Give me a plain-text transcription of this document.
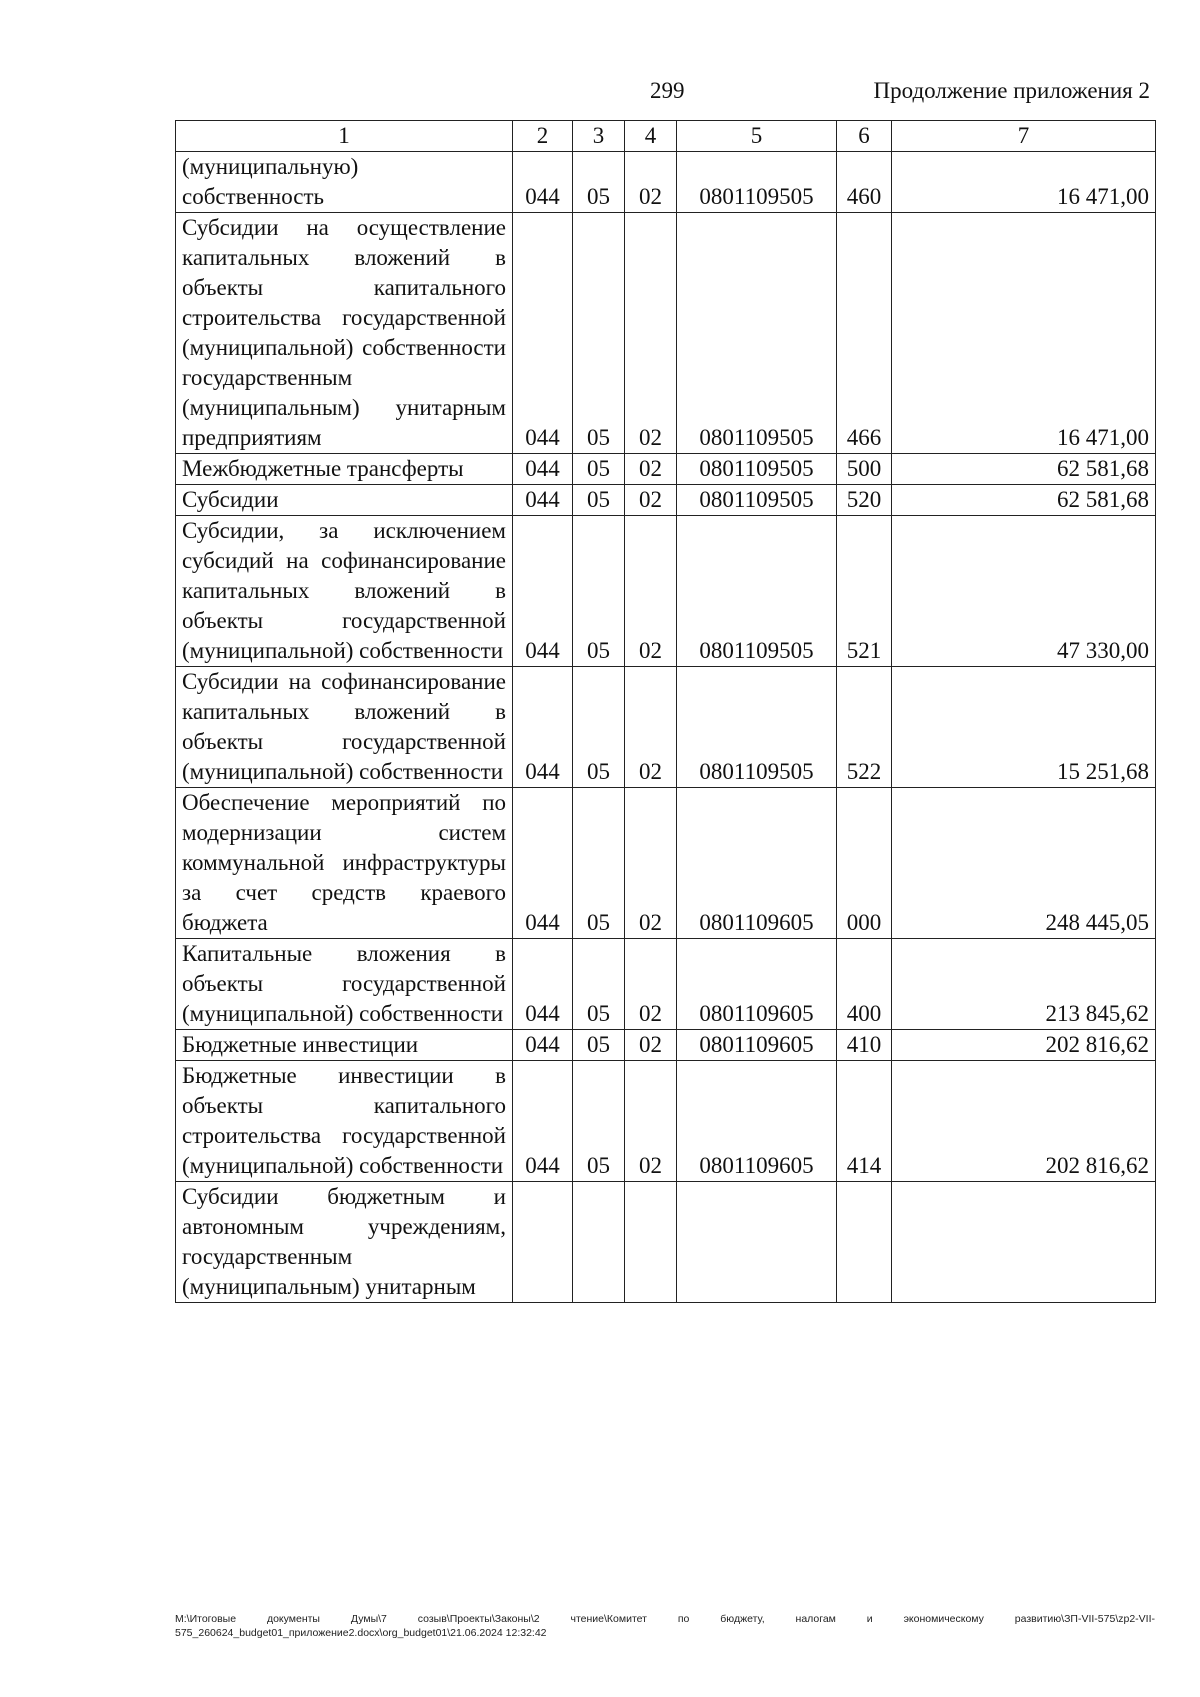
299	Продолжение приложения 2
1	2	3	4	5	6	7
(муниципальную) собственность	044	05	02	0801109505	460	16 471,00
Субсидии на осуществление капитальных вложений в объекты капитального строительства государственной (муниципальной) собственности государственным (муниципальным) унитарным предприятиям	044	05	02	0801109505	466	16 471,00
Межбюджетные трансферты	044	05	02	0801109505	500	62 581,68
Субсидии	044	05	02	0801109505	520	62 581,68
Субсидии, за исключением субсидий на софинансирование капитальных вложений в объекты государственной (муниципальной) собственности	044	05	02	0801109505	521	47 330,00
Субсидии на софинансирование капитальных вложений в объекты государственной (муниципальной) собственности	044	05	02	0801109505	522	15 251,68
Обеспечение мероприятий по модернизации систем коммунальной инфраструктуры за счет средств краевого бюджета	044	05	02	0801109605	000	248 445,05
Капитальные вложения в объекты государственной (муниципальной) собственности	044	05	02	0801109605	400	213 845,62
Бюджетные инвестиции	044	05	02	0801109605	410	202 816,62
Бюджетные инвестиции в объекты капитального строительства государственной (муниципальной) собственности	044	05	02	0801109605	414	202 816,62
Субсидии бюджетным и автономным учреждениям, государственным (муниципальным) унитарным						
M:\Итоговые документы Думы\7 созыв\Проекты\Законы\2 чтение\Комитет по бюджету, налогам и экономическому развитию\ЗП-VII-575\zp2-VII-575_260624_budget01_приложение2.docx\org_budget01\21.06.2024 12:32:42
